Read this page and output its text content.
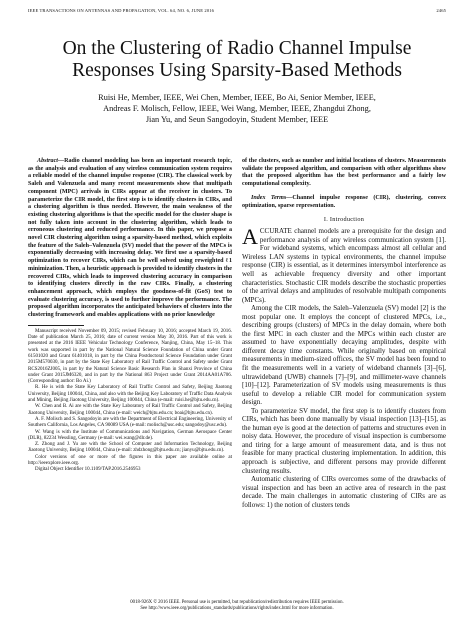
IEEE TRANSACTIONS ON ANTENNAS AND PROPAGATION, VOL. 64, NO. 6, JUNE 2016	2465
On the Clustering of Radio Channel Impulse
Responses Using Sparsity-Based Methods
Ruisi He, Member, IEEE, Wei Chen, Member, IEEE, Bo Ai, Senior Member, IEEE,
Andreas F. Molisch, Fellow, IEEE, Wei Wang, Member, IEEE, Zhangdui Zhong,
Jian Yu, and Seun Sangodoyin, Student Member, IEEE

Abstract—Radio channel modeling has been an important research topic, as the analysis and evaluation of any wireless communication system requires a reliable model of the channel impulse response (CIR). The classical work by Saleh and Valenzuela and many recent measurements show that multipath component (MPC) arrivals in CIRs appear at the receiver in clusters. To parameterize the CIR model, the first step is to identify clusters in CIRs, and a clustering algorithm is thus needed. However, the main weakness of the existing clustering algorithms is that the specific model for the cluster shape is not fully taken into account in the clustering algorithm, which leads to erroneous clustering and reduced performance. In this paper, we propose a novel CIR clustering algorithm using a sparsity-based method, which exploits the feature of the Saleh–Valenzuela (SV) model that the power of the MPCs is exponentially decreasing with increasing delay. We first use a sparsity-based optimization to recover CIRs, which can be well solved using reweighted ℓ1 minimization. Then, a heuristic approach is provided to identify clusters in the recovered CIRs, which leads to improved clustering accuracy in comparison to identifying clusters directly in the raw CIRs. Finally, a clustering enhancement approach, which employs the goodness-of-fit (GoS) test to evaluate clustering accuracy, is used to further improve the performance. The proposed algorithm incorporates the anticipated behaviors of clusters into the clustering framework and enables applications with no prior knowledge

Manuscript received November 09, 2015; revised February 10, 2016; accepted March 19, 2016. Date of publication March 25, 2016; date of current version May 30, 2016. Part of this work is presented at the 2016 IEEE Vehicular Technology Conference, Nanjing, China, May 15–18. This work was supported in part by the National Natural Science Foundation of China under Grant 61501020 and Grant 61401018, in part by the China Postdoctoral Science Foundation under Grant 2015M570030, in part by the State Key Laboratory of Rail Traffic Control and Safety under Grant RCS2016ZJ005, in part by the Natural Science Basic Research Plan in Shanxi Province of China under Grant 2015JM6320, and in part by the National 863 Project under Grant 2014AA01A706. (Corresponding author: Bo Ai.)

R. He is with the State Key Laboratory of Rail Traffic Control and Safety, Beijing Jiaotong University, Beijing 100044, China, and also with the Beijing Key Laboratory of Traffic Data Analysis and Mining, Beijing Jiaotong University, Beijing 100044, China (e-mail: ruisi.he@bjtu.edu.cn).

W. Chen and B. Ai are with the State Key Laboratory of Rail Traffic Control and Safety, Beijing Jiaotong University, Beijing 100044, China (e-mail: weich@bjtu.edu.cn; boai@bjtu.edu.cn).

A. F. Molisch and S. Sangodoyin are with the Department of Electrical Engineering, University of Southern California, Los Angeles, CA 90089 USA (e-mail: molisch@usc.edu; sangodoy@usc.edu).

W. Wang is with the Institute of Communications and Navigation, German Aerospace Center (DLR), 82234 Wessling, Germany (e-mail: wei.wang@dlr.de).

Z. Zhong and J. Yu are with the School of Computer and Information Technology, Beijing Jiaotong University, Beijing 100044, China (e-mail: zhdzhong@bjtu.edu.cn; jianyu@bjtu.edu.cn).

Color versions of one or more of the figures in this paper are available online at http://ieeexplore.ieee.org.

Digital Object Identifier 10.1109/TAP.2016.2546953

of the clusters, such as number and initial locations of clusters. Measurements validate the proposed algorithm, and comparison with other algorithms show that the proposed algorithm has the best performance and a fairly low computational complexity.

Index Terms—Channel impulse response (CIR), clustering, convex optimization, sparse representation.

I. Introduction

ACCURATE channel models are a prerequisite for the design and performance analysis of any wireless communication system [1]. For wideband systems, which encompass almost all cellular and Wireless LAN systems in typical environments, the channel impulse response (CIR) is essential, as it determines intersymbol interference as well as achievable frequency diversity and other important characteristics. Stochastic CIR models describe the stochastic properties of the arrival delays and amplitudes of resolvable multipath components (MPCs).

Among the CIR models, the Saleh–Valenzuela (SV) model [2] is the most popular one. It employs the concept of clustered MPCs, i.e., describing groups (clusters) of MPCs in the delay domain, where both the first MPC in each cluster and the MPCs within each cluster are assumed to have exponentially decaying amplitudes, despite with different decay time constants. While originally based on empirical measurements in medium-sized offices, the SV model has been found to fit the measurements well in a variety of wideband channels [3]–[6], ultrawideband (UWB) channels [7]–[9], and millimeter-wave channels [10]–[12]. Parameterization of SV models using measurements is thus useful to develop a reliable CIR model for communication system design.

To parameterize SV model, the first step is to identify clusters from CIRs, which has been done manually by visual inspection [13]–[15], as the human eye is good at the detection of patterns and structures even in noisy data. However, the procedure of visual inspection is cumbersome and tiring for a large amount of measurement data, and is thus not feasible for many practical clustering implementation. In addition, this approach is subjective, and different persons may provide different clustering results.

Automatic clustering of CIRs overcomes some of the drawbacks of visual inspection and has been an active area of research in the past decade. The main challenges in automatic clustering of CIRs are as follows: 1) the notion of clusters tends

0018-926X © 2016 IEEE. Personal use is permitted, but republication/redistribution requires IEEE permission.
See http://www.ieee.org/publications_standards/publications/rights/index.html for more information.
